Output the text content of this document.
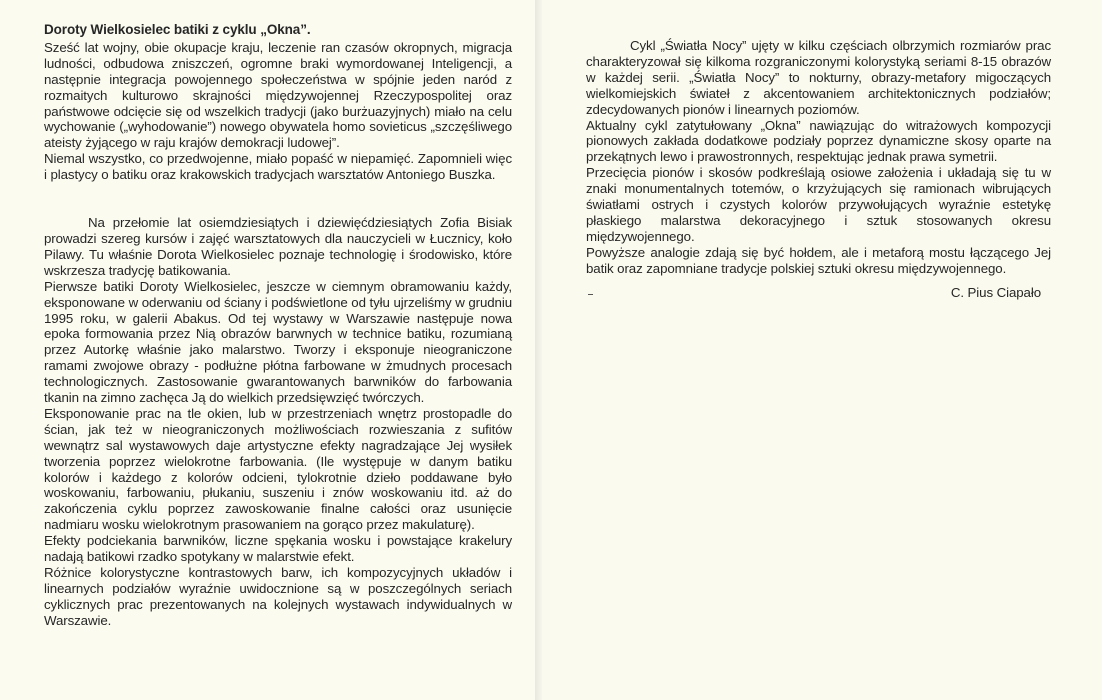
Doroty Wielkosielec batiki z cyklu „Okna”.

Sześć lat wojny, obie okupacje kraju, leczenie ran czasów okropnych, migracja ludności, odbudowa zniszczeń, ogromne braki wymordowanej Inteligencji, a następnie integracja powojennego społeczeństwa w spójnie jeden naród z rozmaitych kulturowo skrajności międzywojennej Rzeczypospolitej oraz państwowe odcięcie się od wszelkich tradycji (jako burżuazyjnych) miało na celu wychowanie („wyhodowanie”) nowego obywatela homo sovieticus „szczęśliwego ateisty żyjącego w raju krajów demokracji ludowej”.

Niemal wszystko, co przedwojenne, miało popaść w niepamięć. Zapomnieli więc i plastycy o batiku oraz krakowskich tradycjach warsztatów Antoniego Buszka.

Na przełomie lat osiemdziesiątych i dziewięćdziesiątych Zofia Bisiak prowadzi szereg kursów i zajęć warsztatowych dla nauczycieli w Łucznicy, koło Pilawy. Tu właśnie Dorota Wielkosielec poznaje technologię i środowisko, które wskrzesza tradycję batikowania.

Pierwsze batiki Doroty Wielkosielec, jeszcze w ciemnym obramowaniu każdy, eksponowane w oderwaniu od ściany i podświetlone od tyłu ujrzeliśmy w grudniu 1995 roku, w galerii Abakus. Od tej wystawy w Warszawie następuje nowa epoka formowania przez Nią obrazów barwnych w technice batiku, rozumianą przez Autorkę właśnie jako malarstwo. Tworzy i eksponuje nieograniczone ramami zwojowe obrazy - podłużne płótna farbowane w żmudnych procesach technologicznych. Zastosowanie gwarantowanych barwników do farbowania tkanin na zimno zachęca Ją do wielkich przedsięwzięć twórczych.

Eksponowanie prac na tle okien, lub w przestrzeniach wnętrz prostopadle do ścian, jak też w nieograniczonych możliwościach rozwieszania z sufitów wewnątrz sal wystawowych daje artystyczne efekty nagradzające Jej wysiłek tworzenia poprzez wielokrotne farbowania. (Ile występuje w danym batiku kolorów i każdego z kolorów odcieni, tylokrotnie dzieło poddawane było woskowaniu, farbowaniu, płukaniu, suszeniu i znów woskowaniu itd. aż do zakończenia cyklu poprzez zawoskowanie finalne całości oraz usunięcie nadmiaru wosku wielokrotnym prasowaniem na gorąco przez makulaturę).

Efekty podciekania barwników, liczne spękania wosku i powstające krakelury nadają batikowi rzadko spotykany w malarstwie efekt.

Różnice kolorystyczne kontrastowych barw, ich kompozycyjnych układów i linearnych podziałów wyraźnie uwidocznione są w poszczególnych seriach cyklicznych prac prezentowanych na kolejnych wystawach indywidualnych w Warszawie.

Cykl „Światła Nocy” ujęty w kilku częściach olbrzymich rozmiarów prac charakteryzował się kilkoma rozgraniczonymi kolorystyką seriami 8-15 obrazów w każdej serii. „Światła Nocy” to nokturny, obrazy-metafory migoczących wielkomiejskich świateł z akcentowaniem architektonicznych podziałów; zdecydowanych pionów i linearnych poziomów.

Aktualny cykl zatytułowany „Okna” nawiązując do witrażowych kompozycji pionowych zakłada dodatkowe podziały poprzez dynamiczne skosy oparte na przekątnych lewo i prawostronnych, respektując jednak prawa symetrii.

Przecięcia pionów i skosów podkreślają osiowe założenia i układają się tu w znaki monumentalnych totemów, o krzyżujących się ramionach wibrujących światłami ostrych i czystych kolorów przywołujących wyraźnie estetykę płaskiego malarstwa dekoracyjnego i sztuk stosowanych okresu międzywojennego.

Powyższe analogie zdają się być hołdem, ale i metaforą mostu łączącego Jej batik oraz zapomniane tradycje polskiej sztuki okresu międzywojennego.

C. Pius Ciapało
